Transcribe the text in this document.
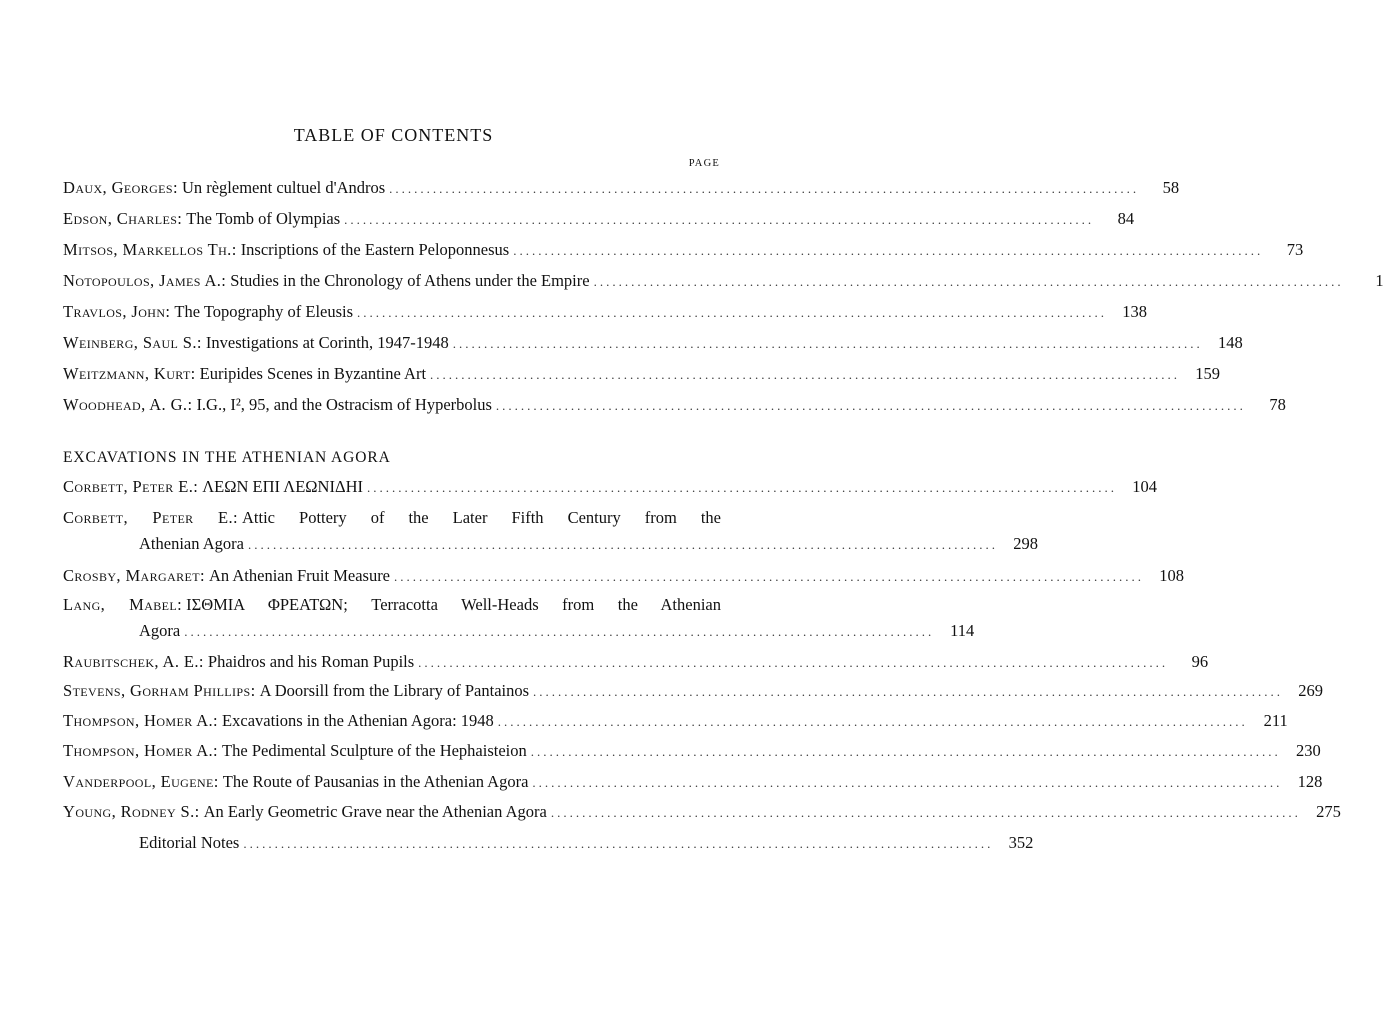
TABLE OF CONTENTS
PAGE
Daux, Georges: Un règlement cultuel d'Andros ........................................................................................................................	58
Edson, Charles: The Tomb of Olympias ........................................................................................................................	84
Mitsos, Markellos Th.: Inscriptions of the Eastern Peloponnesus ........................................................................................................................	73
Notopoulos, James A.: Studies in the Chronology of Athens under the Empire ........................................................................................................................	1
Travlos, John: The Topography of Eleusis ........................................................................................................................ 138
Weinberg, Saul S.: Investigations at Corinth, 1947-1948 ........................................................................................................................ 148
Weitzmann, Kurt: Euripides Scenes in Byzantine Art ........................................................................................................................ 159
Woodhead, A. G.: I.G., I², 95, and the Ostracism of Hyperbolus ........................................................................................................................	78
EXCAVATIONS IN THE ATHENIAN AGORA
Corbett, Peter E.: ΛΕΩΝ ΕΠΙ ΛΕΩΝΙΔΗΙ ........................................................................................................................ 104
Corbett, Peter E.: Attic Pottery of the Later Fifth Century from the
Athenian Agora ........................................................................................................................ 298
Crosby, Margaret: An Athenian Fruit Measure ........................................................................................................................ 108
Lang, Mabel: ΙΣΘΜΙΑ ΦΡΕΑΤΩΝ; Terracotta Well-Heads from the Athenian
Agora ........................................................................................................................ 114
Raubitschek, A. E.: Phaidros and his Roman Pupils ........................................................................................................................	96
Stevens, Gorham Phillips: A Doorsill from the Library of Pantainos ........................................................................................................................ 269
Thompson, Homer A.: Excavations in the Athenian Agora: 1948 ........................................................................................................................ 211
Thompson, Homer A.: The Pedimental Sculpture of the Hephaisteion ........................................................................................................................ 230
Vanderpool, Eugene: The Route of Pausanias in the Athenian Agora ........................................................................................................................ 128
Young, Rodney S.: An Early Geometric Grave near the Athenian Agora ........................................................................................................................ 275
Editorial Notes ........................................................................................................................ 352
